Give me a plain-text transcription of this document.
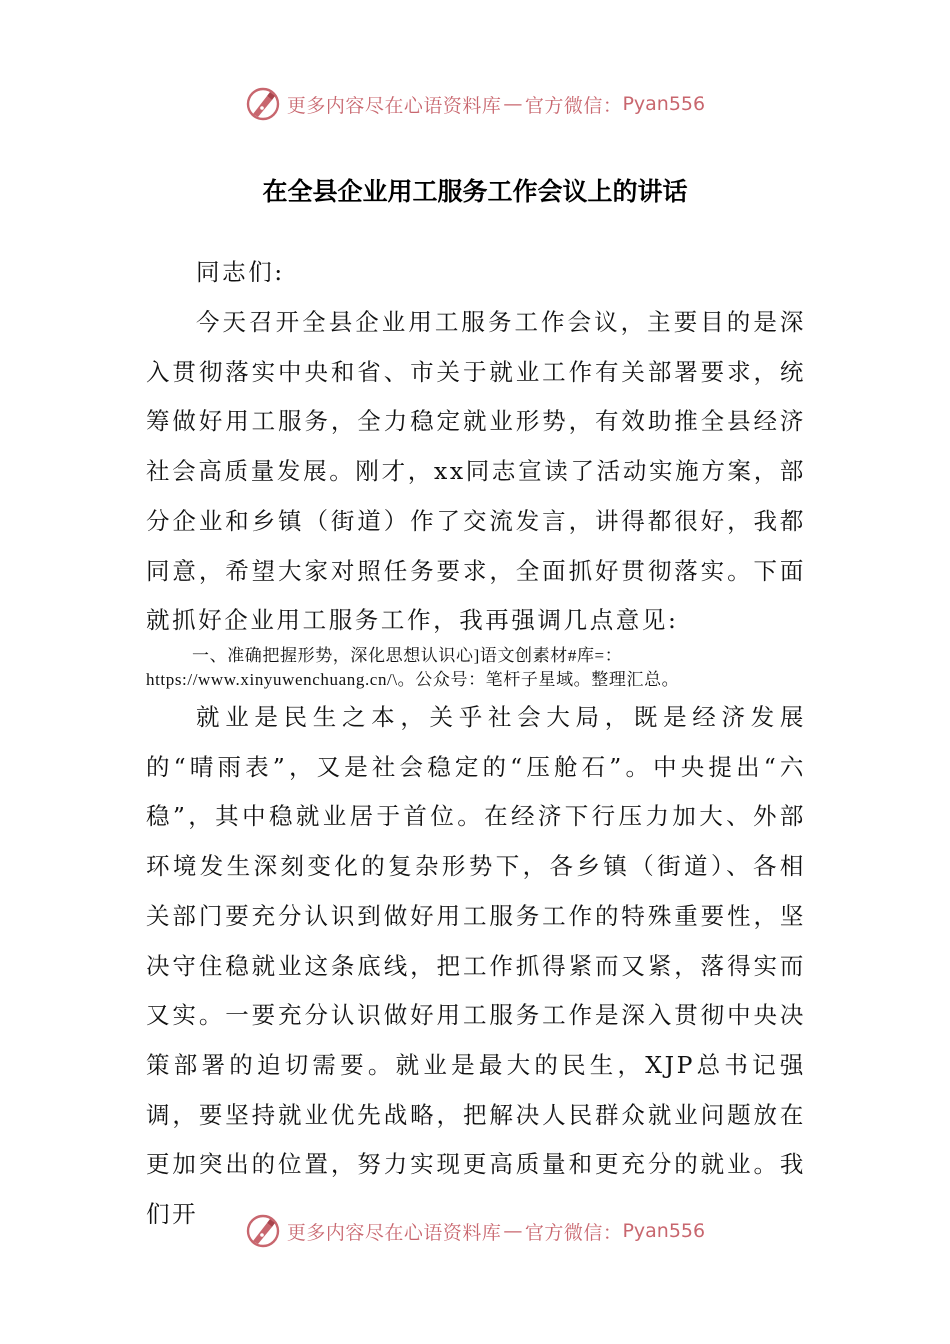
更多内容尽在心语资料库 — 官方微信： Pyan556
在全县企业用工服务工作会议上的讲话

同志们:

今天召开全县企业用工服务工作会议，主要目的是深入贯彻落实中央和省、市关于就业工作有关部署要求，统筹做好用工服务，全力稳定就业形势，有效助推全县经济社会高质量发展。刚才，xx同志宣读了活动实施方案，部分企业和乡镇（街道）作了交流发言，讲得都很好，我都同意，希望大家对照任务要求，全面抓好贯彻落实。下面就抓好企业用工服务工作，我再强调几点意见:

一、准确把握形势，深化思想认识心]语文创素材#库=：https://www.xinyuwenchuang.cn/\。公众号：笔杆子星域。整理汇总。

就业是民生之本，关乎社会大局，既是经济发展的“晴雨表”，又是社会稳定的“压舱石”。中央提出“六稳”，其中稳就业居于首位。在经济下行压力加大、外部环境发生深刻变化的复杂形势下，各乡镇（街道）、各相关部门要充分认识到做好用工服务工作的特殊重要性，坚决守住稳就业这条底线，把工作抓得紧而又紧，落得实而又实。一要充分认识做好用工服务工作是深入贯彻中央决策部署的迫切需要。就业是最大的民生，XJP总书记强调，要坚持就业优先战略，把解决人民群众就业问题放在更加突出的位置，努力实现更高质量和更充分的就业。我们开

更多内容尽在心语资料库 — 官方微信： Pyan556
